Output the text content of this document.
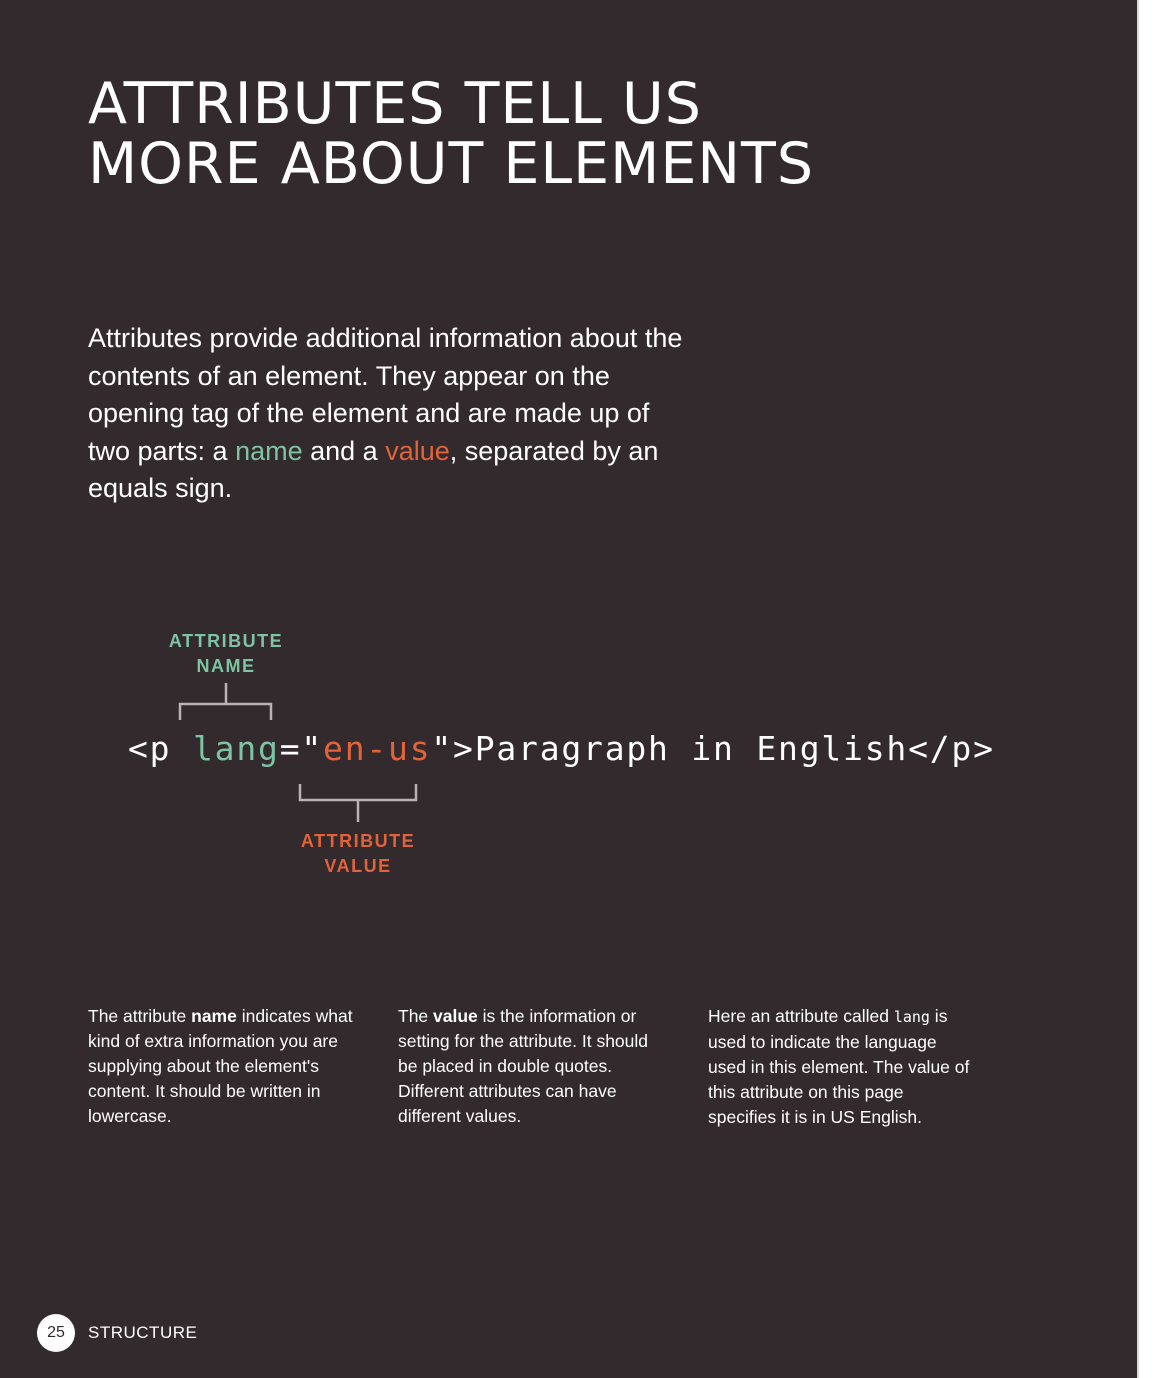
ATTRIBUTES TELL US
MORE ABOUT ELEMENTS

Attributes provide additional information about the contents of an element. They appear on the opening tag of the element and are made up of two parts: a name and a value, separated by an equals sign.

ATTRIBUTE
NAME

<p lang="en-us">Paragraph in English</p>

ATTRIBUTE
VALUE

The attribute name indicates what kind of extra information you are supplying about the element's content. It should be written in lowercase.

The value is the information or setting for the attribute. It should be placed in double quotes. Different attributes can have different values.

Here an attribute called lang is used to indicate the language used in this element. The value of this attribute on this page specifies it is in US English.

25	STRUCTURE
